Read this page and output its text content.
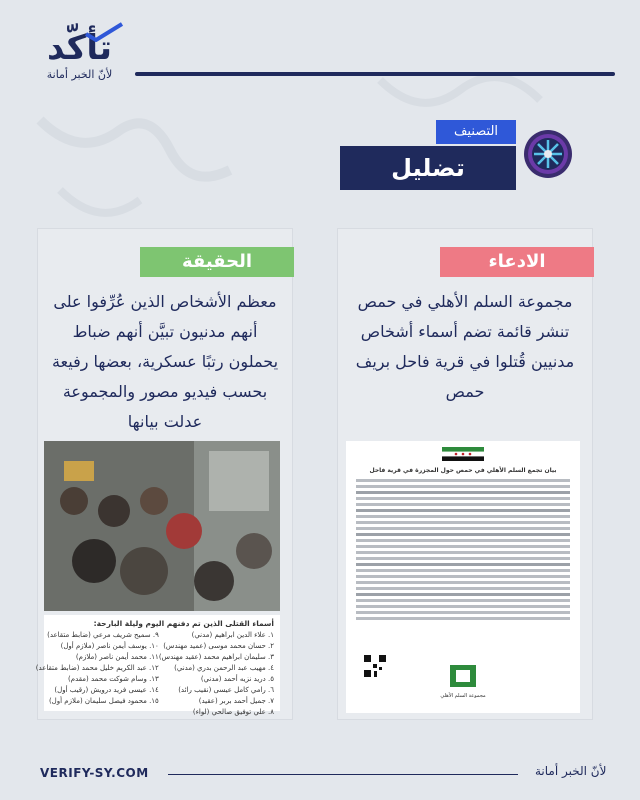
تأكّد
لأنّ الخبر أمانة
التصنيف
تضليل
الحقيقة
معظم الأشخاص الذين عُرِّفوا على أنهم مدنيون تبيَّن أنهم ضباط يحملون رتبًا عسكرية، بعضها رفيعة بحسب فيديو مصور والمجموعة عدلت بيانها
أسماء القتلى الذين تم دفنهم اليوم وليلة البارحة:
١. علاء الدين ابراهيم (مدني)
٢. حسان محمد موسى (عميد مهندس)
٣. سليمان ابراهيم محمد (عقيد مهندس)
٤. مهيب عبد الرحمن بدري (مدني)
٥. دريد نزيه أحمد (مدني)
٦. رامي كامل عيسى (نقيب رائد)
٧. جميل أحمد بربر (عقيد)
٨. علي توفيق صالحي (لواء)
٩. سميح شريف مرعي (ضابط متقاعد)
١٠. يوسف أيمن ناصر (ملازم أول)
١١. محمد أيمن ناصر (ملازم)
١٢. عبد الكريم خليل محمد (ضابط متقاعد)
١٣. وسام شوكت محمد (مقدم)
١٤. عيسى فريد درويش (رقيب أول)
١٥. محمود فيصل سليمان (ملازم أول)
الادعاء
مجموعة السلم الأهلي في حمص تنشر قائمة تضم أسماء أشخاص مدنيين قُتلوا في قرية فاحل بريف حمص
بيان تجمع السلم الأهلي في حمص حول المجزرة في قرية فاحل
مجموعة السلم الأهلي
VERIFY-SY.COM	لأنّ الخبر أمانة
